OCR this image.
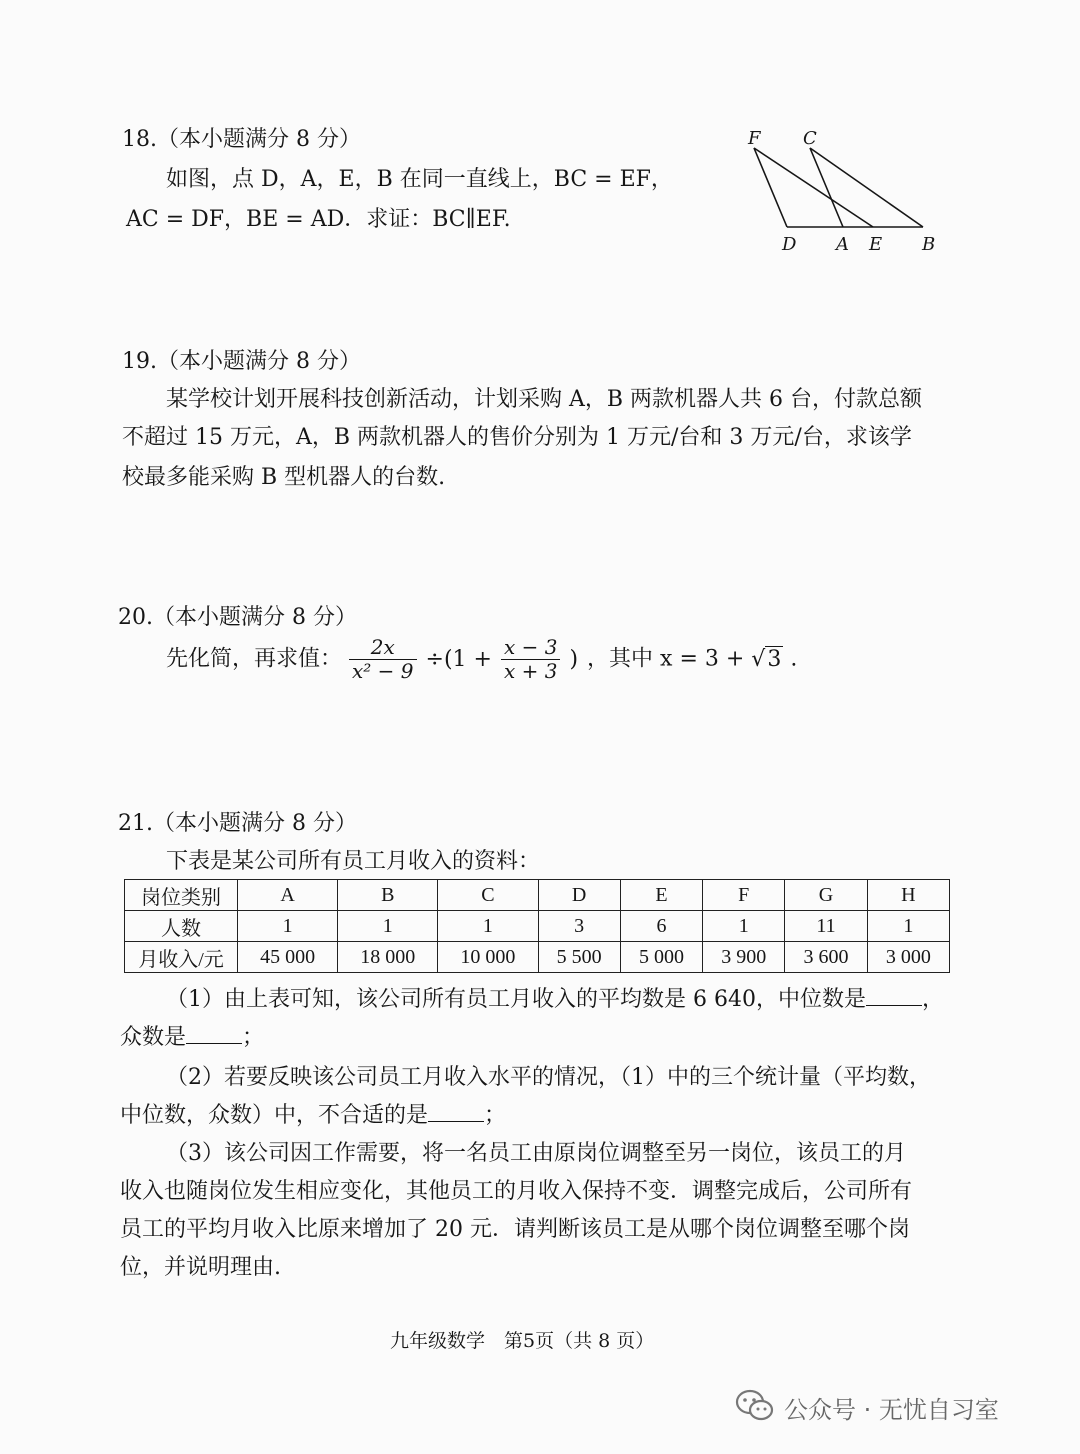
18.（本小题满分 8 分）
如图，点 D，A，E，B 在同一直线上，BC = EF，
AC = DF，BE = AD．求证：BC∥EF.
F C
D A E B
19.（本小题满分 8 分）
某学校计划开展科技创新活动，计划采购 A，B 两款机器人共 6 台，付款总额
不超过 15 万元，A，B 两款机器人的售价分别为 1 万元/台和 3 万元/台，求该学
校最多能采购 B 型机器人的台数.
20.（本小题满分 8 分）
先化简，再求值： $\frac{2x}{\text{x² − 9}} \div(1 + \frac{x - 3}{x + 3}$ ) ，其中 x = 3 + √3 .
21.（本小题满分 8 分）
下表是某公司所有员工月收入的资料：
岗位类别	A	B	C	D	E	F	G	H
人数	1	1	1	3	6	1	11	1
月收入/元	45 000	18 000	10 000	5 500	5 000	3 900	3 600	3 000
（1）由上表可知，该公司所有员工月收入的平均数是 6 640，中位数是	，
众数是	；
（2）若要反映该公司员工月收入水平的情况，（1）中的三个统计量（平均数，
中位数，众数）中，不合适的是	；
（3）该公司因工作需要，将一名员工由原岗位调整至另一岗位，该员工的月
收入也随岗位发生相应变化，其他员工的月收入保持不变．调整完成后，公司所有
员工的平均月收入比原来增加了 20 元．请判断该员工是从哪个岗位调整至哪个岗
位，并说明理由.
九年级数学　第5页（共 8 页）
公众号 · 无忧自习室
